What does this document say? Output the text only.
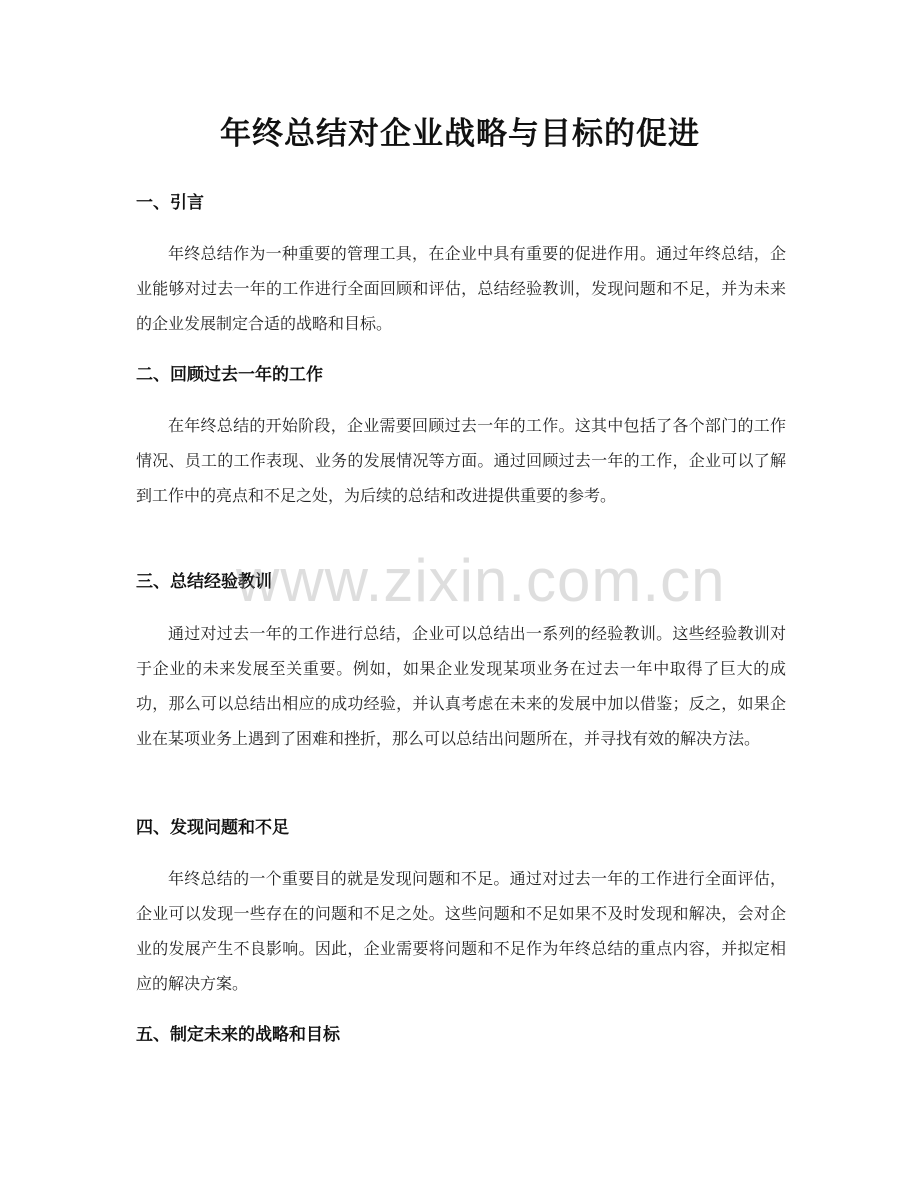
年终总结对企业战略与目标的促进
一、引言

年终总结作为一种重要的管理工具，在企业中具有重要的促进作用。通过年终总结，企业能够对过去一年的工作进行全面回顾和评估，总结经验教训，发现问题和不足，并为未来的企业发展制定合适的战略和目标。

二、回顾过去一年的工作

在年终总结的开始阶段，企业需要回顾过去一年的工作。这其中包括了各个部门的工作情况、员工的工作表现、业务的发展情况等方面。通过回顾过去一年的工作，企业可以了解到工作中的亮点和不足之处，为后续的总结和改进提供重要的参考。

三、总结经验教训

通过对过去一年的工作进行总结，企业可以总结出一系列的经验教训。这些经验教训对于企业的未来发展至关重要。例如，如果企业发现某项业务在过去一年中取得了巨大的成功，那么可以总结出相应的成功经验，并认真考虑在未来的发展中加以借鉴；反之，如果企业在某项业务上遇到了困难和挫折，那么可以总结出问题所在，并寻找有效的解决方法。

四、发现问题和不足

年终总结的一个重要目的就是发现问题和不足。通过对过去一年的工作进行全面评估，企业可以发现一些存在的问题和不足之处。这些问题和不足如果不及时发现和解决，会对企业的发展产生不良影响。因此，企业需要将问题和不足作为年终总结的重点内容，并拟定相应的解决方案。

五、制定未来的战略和目标
www.zixin.com.cn
